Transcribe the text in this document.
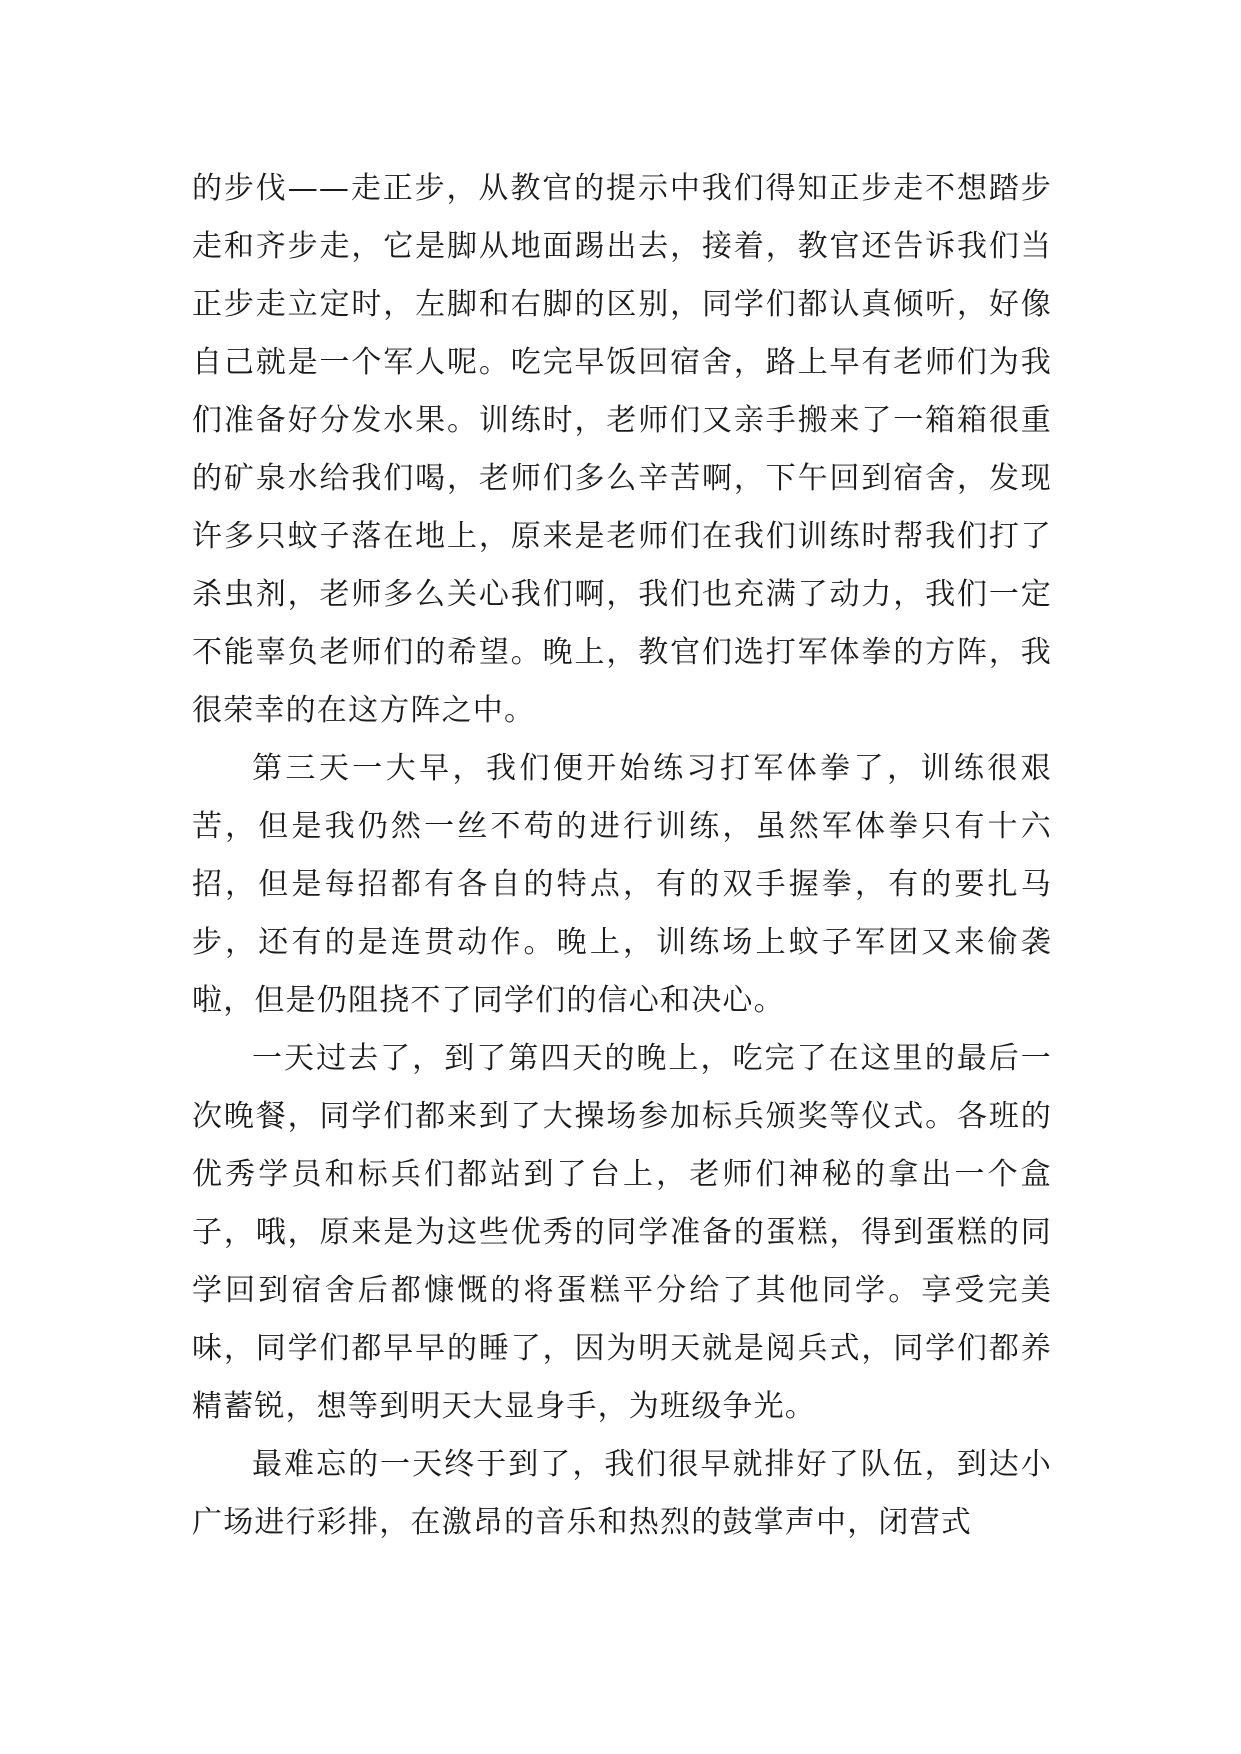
的步伐——走正步，从教官的提示中我们得知正步走不想踏步走和齐步走，它是脚从地面踢出去，接着，教官还告诉我们当正步走立定时，左脚和右脚的区别，同学们都认真倾听，好像自己就是一个军人呢。吃完早饭回宿舍，路上早有老师们为我们准备好分发水果。训练时，老师们又亲手搬来了一箱箱很重的矿泉水给我们喝，老师们多么辛苦啊，下午回到宿舍，发现许多只蚊子落在地上，原来是老师们在我们训练时帮我们打了杀虫剂，老师多么关心我们啊，我们也充满了动力，我们一定不能辜负老师们的希望。晚上，教官们选打军体拳的方阵，我很荣幸的在这方阵之中。

第三天一大早，我们便开始练习打军体拳了，训练很艰苦，但是我仍然一丝不苟的进行训练，虽然军体拳只有十六招，但是每招都有各自的特点，有的双手握拳，有的要扎马步，还有的是连贯动作。晚上，训练场上蚊子军团又来偷袭啦，但是仍阻挠不了同学们的信心和决心。

一天过去了，到了第四天的晚上，吃完了在这里的最后一次晚餐，同学们都来到了大操场参加标兵颁奖等仪式。各班的优秀学员和标兵们都站到了台上，老师们神秘的拿出一个盒子，哦，原来是为这些优秀的同学准备的蛋糕，得到蛋糕的同学回到宿舍后都慷慨的将蛋糕平分给了其他同学。享受完美味，同学们都早早的睡了，因为明天就是阅兵式，同学们都养精蓄锐，想等到明天大显身手，为班级争光。

最难忘的一天终于到了，我们很早就排好了队伍，到达小广场进行彩排，在激昂的音乐和热烈的鼓掌声中，闭营式
